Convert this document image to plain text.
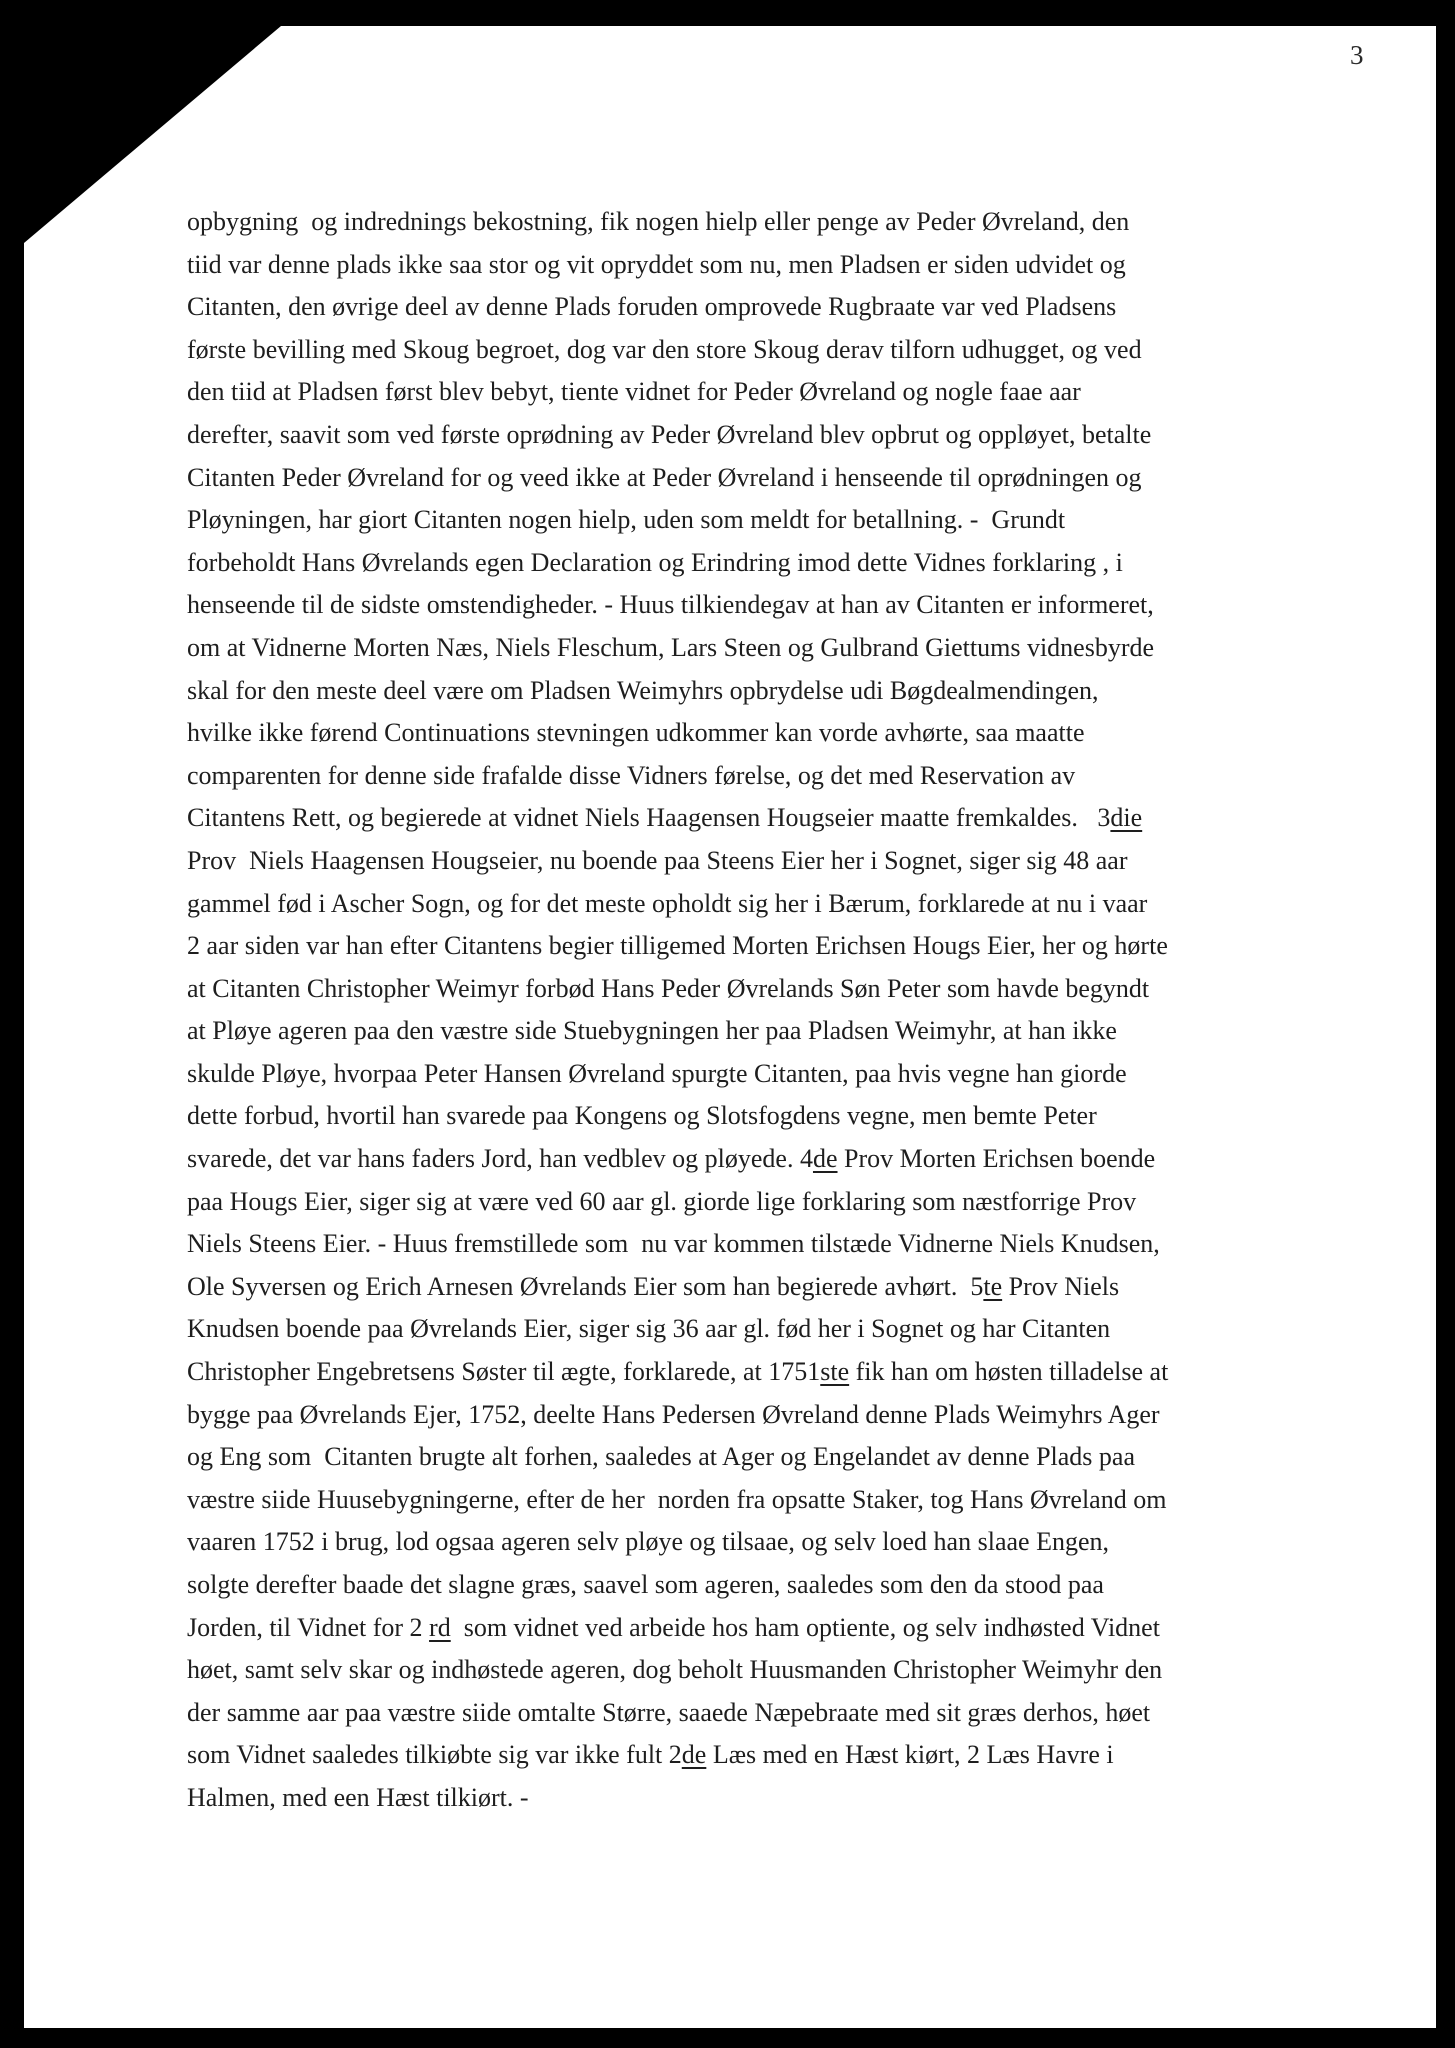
3
opbygning  og indrednings bekostning, fik nogen hielp eller penge av Peder Øvreland, den
tiid var denne plads ikke saa stor og vit opryddet som nu, men Pladsen er siden udvidet og
Citanten, den øvrige deel av denne Plads foruden omprovede Rugbraate var ved Pladsens
første bevilling med Skoug begroet, dog var den store Skoug derav tilforn udhugget, og ved
den tiid at Pladsen først blev bebyt, tiente vidnet for Peder Øvreland og nogle faae aar
derefter, saavit som ved første oprødning av Peder Øvreland blev opbrut og oppløyet, betalte
Citanten Peder Øvreland for og veed ikke at Peder Øvreland i henseende til oprødningen og
Pløyningen, har giort Citanten nogen hielp, uden som meldt for betallning. -  Grundt
forbeholdt Hans Øvrelands egen Declaration og Erindring imod dette Vidnes forklaring , i
henseende til de sidste omstendigheder. - Huus tilkiendegav at han av Citanten er informeret,
om at Vidnerne Morten Næs, Niels Fleschum, Lars Steen og Gulbrand Giettums vidnesbyrde
skal for den meste deel være om Pladsen Weimyhrs opbrydelse udi Bøgdealmendingen,
hvilke ikke førend Continuations stevningen udkommer kan vorde avhørte, saa maatte
comparenten for denne side frafalde disse Vidners førelse, og det med Reservation av
Citantens Rett, og begierede at vidnet Niels Haagensen Hougseier maatte fremkaldes.   3die
Prov  Niels Haagensen Hougseier, nu boende paa Steens Eier her i Sognet, siger sig 48 aar
gammel fød i Ascher Sogn, og for det meste opholdt sig her i Bærum, forklarede at nu i vaar
2 aar siden var han efter Citantens begier tilligemed Morten Erichsen Hougs Eier, her og hørte
at Citanten Christopher Weimyr forbød Hans Peder Øvrelands Søn Peter som havde begyndt
at Pløye ageren paa den væstre side Stuebygningen her paa Pladsen Weimyhr, at han ikke
skulde Pløye, hvorpaa Peter Hansen Øvreland spurgte Citanten, paa hvis vegne han giorde
dette forbud, hvortil han svarede paa Kongens og Slotsfogdens vegne, men bemte Peter
svarede, det var hans faders Jord, han vedblev og pløyede. 4de Prov Morten Erichsen boende
paa Hougs Eier, siger sig at være ved 60 aar gl. giorde lige forklaring som næstforrige Prov
Niels Steens Eier. - Huus fremstillede som  nu var kommen tilstæde Vidnerne Niels Knudsen,
Ole Syversen og Erich Arnesen Øvrelands Eier som han begierede avhørt.  5te Prov Niels
Knudsen boende paa Øvrelands Eier, siger sig 36 aar gl. fød her i Sognet og har Citanten
Christopher Engebretsens Søster til ægte, forklarede, at 1751ste fik han om høsten tilladelse at
bygge paa Øvrelands Ejer, 1752, deelte Hans Pedersen Øvreland denne Plads Weimyhrs Ager
og Eng som  Citanten brugte alt forhen, saaledes at Ager og Engelandet av denne Plads paa
væstre siide Huusebygningerne, efter de her  norden fra opsatte Staker, tog Hans Øvreland om
vaaren 1752 i brug, lod ogsaa ageren selv pløye og tilsaae, og selv loed han slaae Engen,
solgte derefter baade det slagne græs, saavel som ageren, saaledes som den da stood paa
Jorden, til Vidnet for 2 rd  som vidnet ved arbeide hos ham optiente, og selv indhøsted Vidnet
høet, samt selv skar og indhøstede ageren, dog beholt Huusmanden Christopher Weimyhr den
der samme aar paa væstre siide omtalte Større, saaede Næpebraate med sit græs derhos, høet
som Vidnet saaledes tilkiøbte sig var ikke fult 2de Læs med en Hæst kiørt, 2 Læs Havre i
Halmen, med een Hæst tilkiørt. -
